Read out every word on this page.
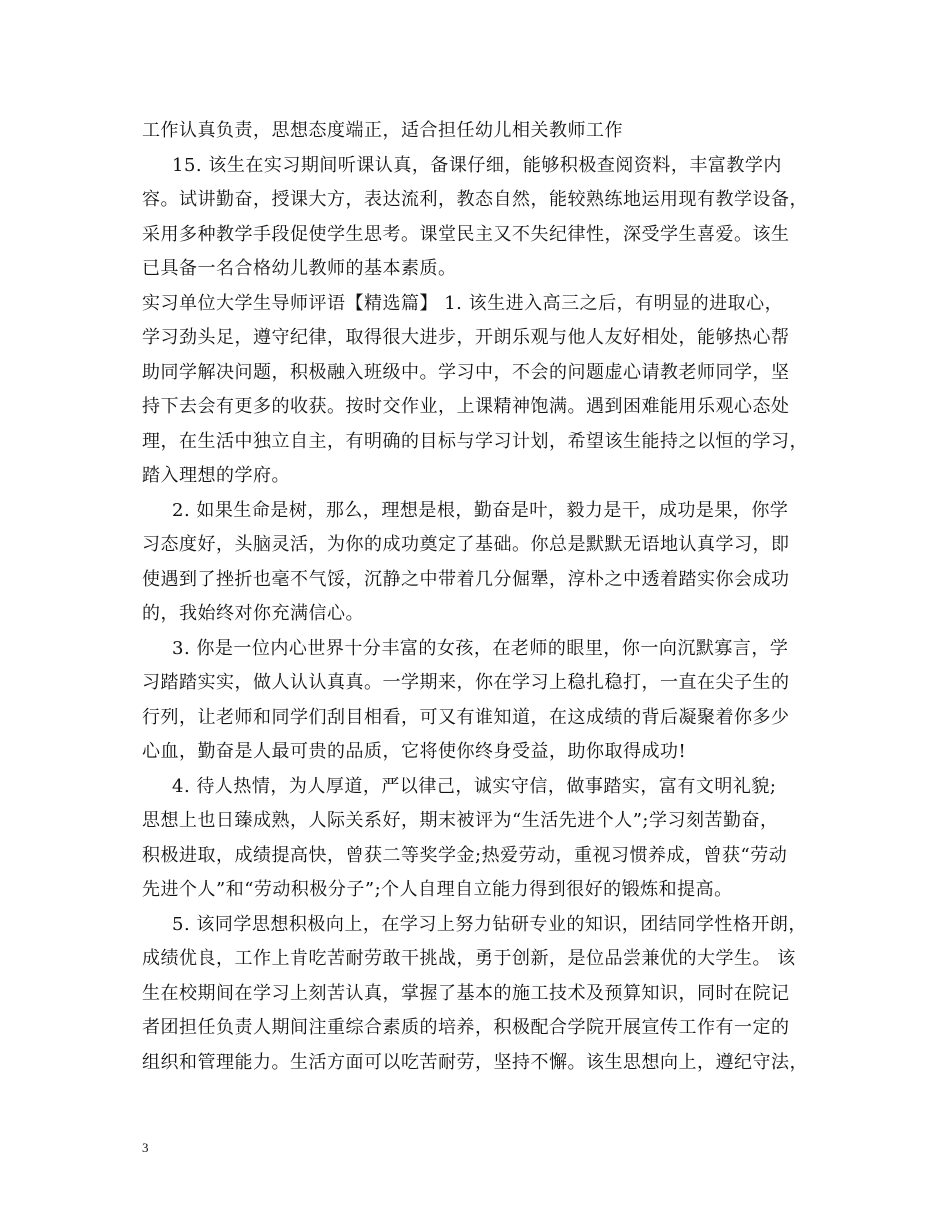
工作认真负责，思想态度端正，适合担任幼儿相关教师工作
15. 该生在实习期间听课认真，备课仔细，能够积极查阅资料，丰富教学内
容。试讲勤奋，授课大方，表达流利，教态自然，能较熟练地运用现有教学设备，
采用多种教学手段促使学生思考。课堂民主又不失纪律性，深受学生喜爱。该生
已具备一名合格幼儿教师的基本素质。
实习单位大学生导师评语【精选篇】 1. 该生进入高三之后，有明显的进取心，
学习劲头足，遵守纪律，取得很大进步，开朗乐观与他人友好相处，能够热心帮
助同学解决问题，积极融入班级中。学习中，不会的问题虚心请教老师同学，坚
持下去会有更多的收获。按时交作业，上课精神饱满。遇到困难能用乐观心态处
理，在生活中独立自主，有明确的目标与学习计划，希望该生能持之以恒的学习，
踏入理想的学府。
2. 如果生命是树，那么，理想是根，勤奋是叶，毅力是干，成功是果，你学
习态度好，头脑灵活，为你的成功奠定了基础。你总是默默无语地认真学习，即
使遇到了挫折也毫不气馁，沉静之中带着几分倔犟，淳朴之中透着踏实你会成功
的，我始终对你充满信心。
3. 你是一位内心世界十分丰富的女孩，在老师的眼里，你一向沉默寡言，学
习踏踏实实，做人认认真真。一学期来，你在学习上稳扎稳打，一直在尖子生的
行列，让老师和同学们刮目相看，可又有谁知道，在这成绩的背后凝聚着你多少
心血，勤奋是人最可贵的品质，它将使你终身受益，助你取得成功!
4. 待人热情，为人厚道，严以律己，诚实守信，做事踏实，富有文明礼貌;
思想上也日臻成熟，人际关系好，期末被评为“生活先进个人”;学习刻苦勤奋，
积极进取，成绩提高快，曾获二等奖学金;热爱劳动，重视习惯养成，曾获“劳动
先进个人”和“劳动积极分子”;个人自理自立能力得到很好的锻炼和提高。
5. 该同学思想积极向上，在学习上努力钻研专业的知识，团结同学性格开朗，
成绩优良，工作上肯吃苦耐劳敢干挑战，勇于创新，是位品尝兼优的大学生。 该
生在校期间在学习上刻苦认真，掌握了基本的施工技术及预算知识，同时在院记
者团担任负责人期间注重综合素质的培养，积极配合学院开展宣传工作有一定的
组织和管理能力。生活方面可以吃苦耐劳，坚持不懈。该生思想向上，遵纪守法，
3
